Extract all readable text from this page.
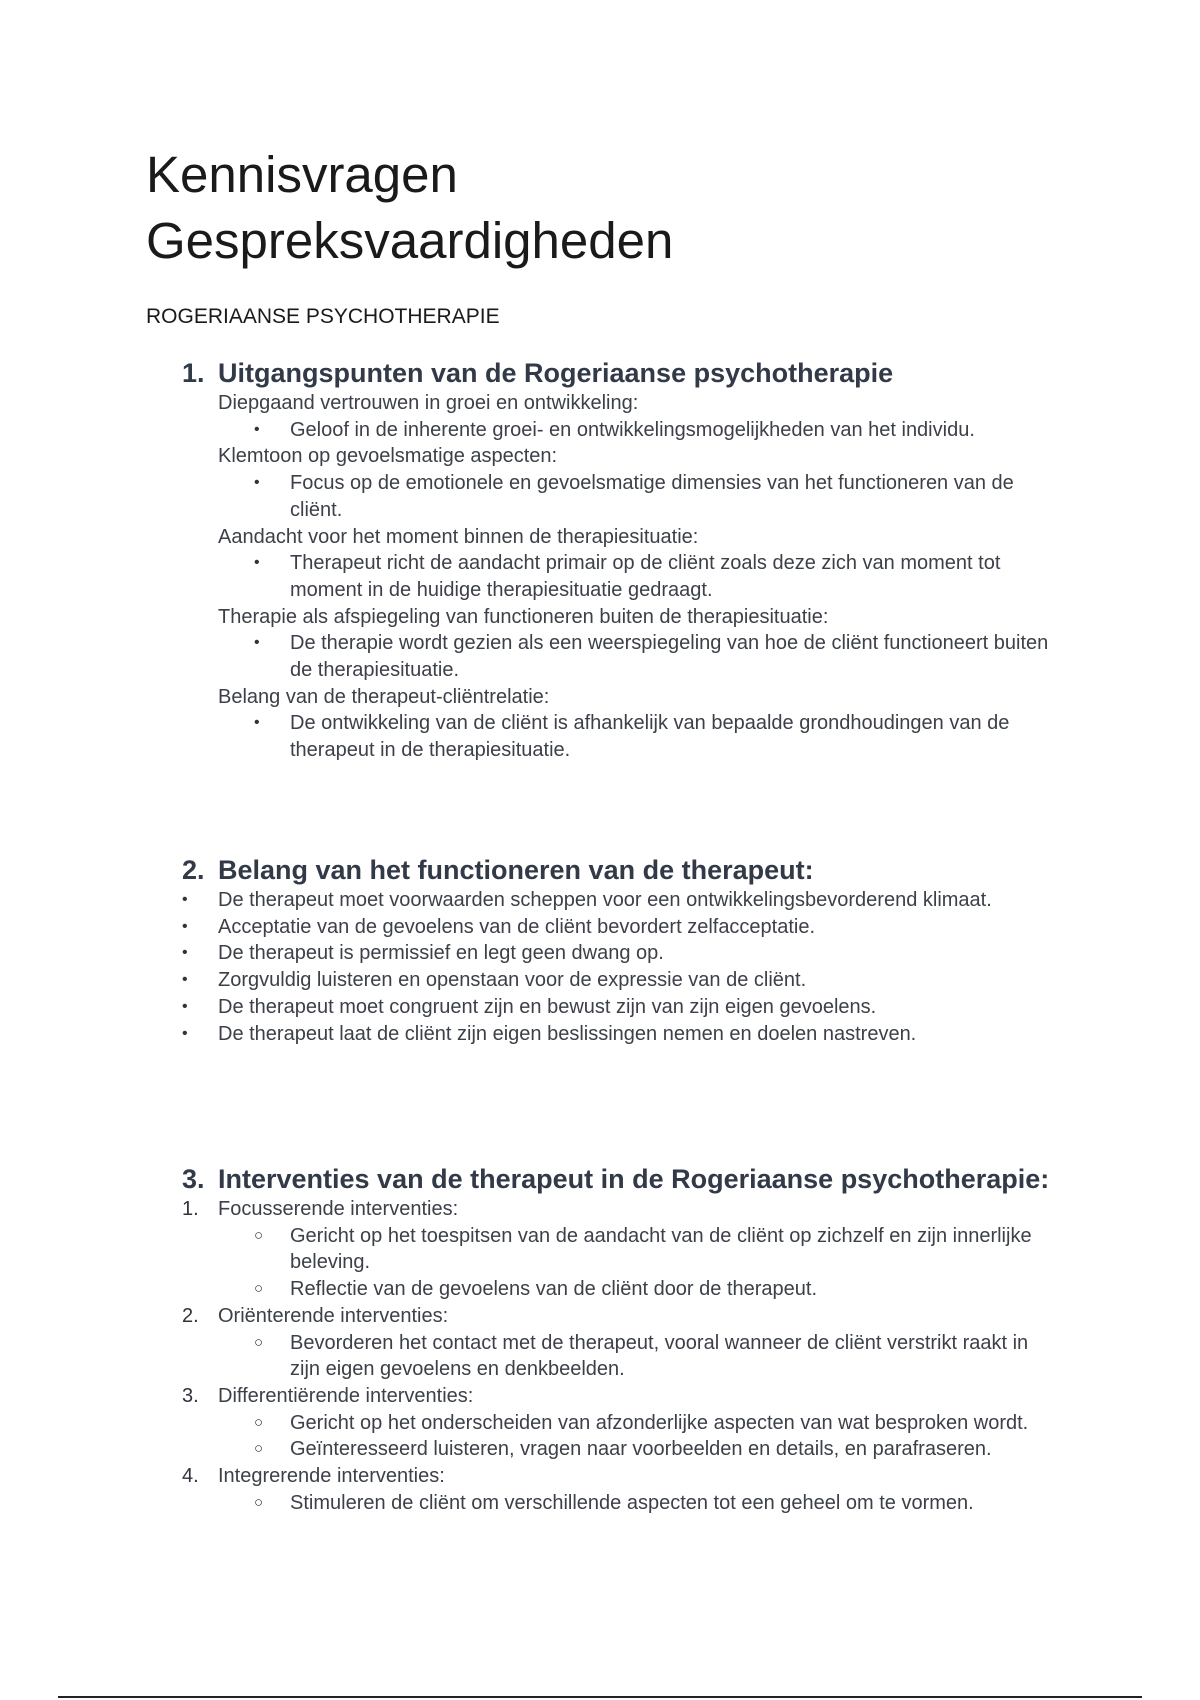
Kennisvragen
Gespreksvaardigheden

ROGERIAANSE PSYCHOTHERAPIE

1. Uitgangspunten van de Rogeriaanse psychotherapie
Diepgaand vertrouwen in groei en ontwikkeling:
• Geloof in de inherente groei- en ontwikkelingsmogelijkheden van het individu.
Klemtoon op gevoelsmatige aspecten:
• Focus op de emotionele en gevoelsmatige dimensies van het functioneren van de cliënt.
Aandacht voor het moment binnen de therapiesituatie:
• Therapeut richt de aandacht primair op de cliënt zoals deze zich van moment tot moment in de huidige therapiesituatie gedraagt.
Therapie als afspiegeling van functioneren buiten de therapiesituatie:
• De therapie wordt gezien als een weerspiegeling van hoe de cliënt functioneert buiten de therapiesituatie.
Belang van de therapeut-cliëntrelatie:
• De ontwikkeling van de cliënt is afhankelijk van bepaalde grondhoudingen van de therapeut in de therapiesituatie.
2. Belang van het functioneren van de therapeut:
• De therapeut moet voorwaarden scheppen voor een ontwikkelingsbevorderend klimaat.
• Acceptatie van de gevoelens van de cliënt bevordert zelfacceptatie.
• De therapeut is permissief en legt geen dwang op.
• Zorgvuldig luisteren en openstaan voor de expressie van de cliënt.
• De therapeut moet congruent zijn en bewust zijn van zijn eigen gevoelens.
• De therapeut laat de cliënt zijn eigen beslissingen nemen en doelen nastreven.
3. Interventies van de therapeut in de Rogeriaanse psychotherapie:
1. Focusserende interventies:
○ Gericht op het toespitsen van de aandacht van de cliënt op zichzelf en zijn innerlijke beleving.
○ Reflectie van de gevoelens van de cliënt door de therapeut.
2. Oriënterende interventies:
○ Bevorderen het contact met de therapeut, vooral wanneer de cliënt verstrikt raakt in zijn eigen gevoelens en denkbeelden.
3. Differentiërende interventies:
○ Gericht op het onderscheiden van afzonderlijke aspecten van wat besproken wordt.
○ Geïnteresseerd luisteren, vragen naar voorbeelden en details, en parafraseren.
4. Integrerende interventies:
○ Stimuleren de cliënt om verschillende aspecten tot een geheel om te vormen.
